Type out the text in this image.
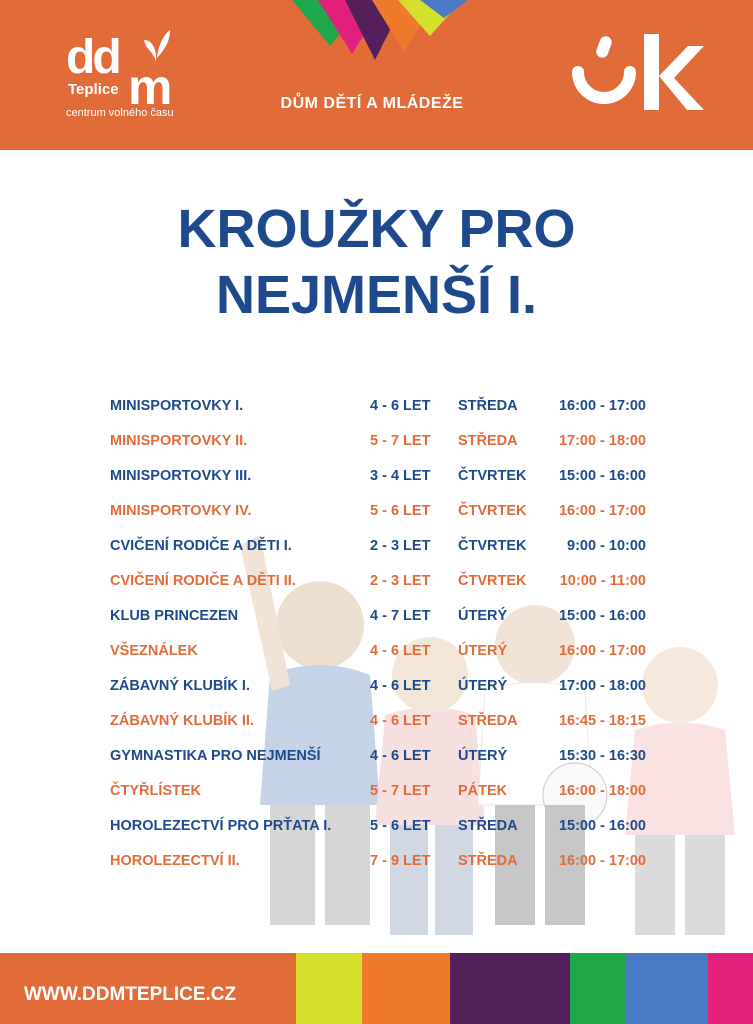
dd
m
Teplice
centrum volného času
DŮM DĚTÍ A MLÁDEŽE
KROUŽKY PRO
NEJMENŠÍ I.
MINISPORTOVKY I.	4 - 6 LET STŘEDA	16:00 - 17:00
MINISPORTOVKY II.	5 - 7 LET STŘEDA	17:00 - 18:00
MINISPORTOVKY III.	3 - 4 LET ČTVRTEK 15:00 - 16:00
MINISPORTOVKY IV.	5 - 6 LET ČTVRTEK 16:00 - 17:00
CVIČENÍ RODIČE A DĚTI I.	2 - 3 LET ČTVRTEK	9:00 - 10:00
CVIČENÍ RODIČE A DĚTI II.	2 - 3 LET ČTVRTEK 10:00 - 11:00
KLUB PRINCEZEN	4 - 7 LET ÚTERÝ	15:00 - 16:00
VŠEZNÁLEK	4 - 6 LET ÚTERÝ	16:00 - 17:00
ZÁBAVNÝ KLUBÍK I.	4 - 6 LET ÚTERÝ	17:00 - 18:00
ZÁBAVNÝ KLUBÍK II.	4 - 6 LET STŘEDA	16:45 - 18:15
GYMNASTIKA PRO NEJMENŠÍ	4 - 6 LET ÚTERÝ	15:30 - 16:30
ČTYŘLÍSTEK	5 - 7 LET PÁTEK	16:00 - 18:00
HOROLEZECTVÍ PRO PRŤATA I.	5 - 6 LET STŘEDA	15:00 - 16:00
HOROLEZECTVÍ II.	7 - 9 LET STŘEDA	16:00 - 17:00
WWW.DDMTEPLICE.CZ
